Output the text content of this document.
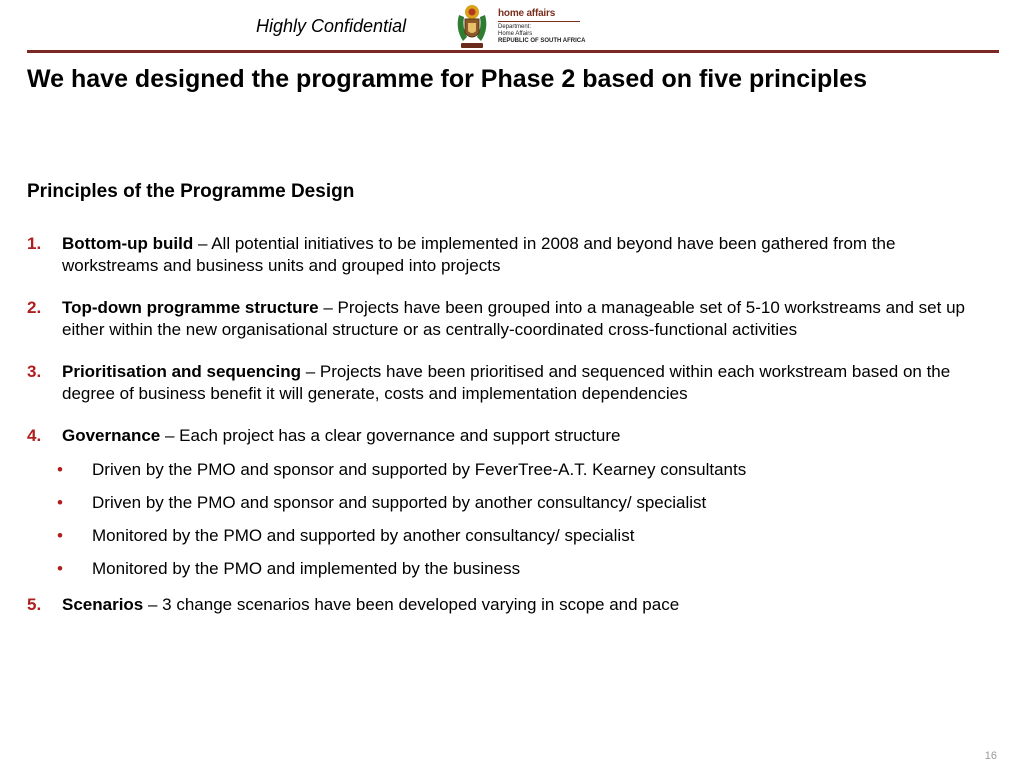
Highly Confidential
home affairs
Department:
Home Affairs
REPUBLIC OF SOUTH AFRICA
We have designed the programme for Phase 2 based on five principles
Principles of the Programme Design
1. Bottom-up build – All potential initiatives to be implemented in 2008 and beyond have been gathered from the workstreams and business units and grouped into projects
2. Top-down programme structure – Projects have been grouped into a manageable set of 5-10 workstreams and set up either within the new organisational structure or as centrally-coordinated cross-functional activities
3. Prioritisation and sequencing – Projects have been prioritised and sequenced within each workstream based on the degree of business benefit it will generate, costs and implementation dependencies
4. Governance – Each project has a clear governance and support structure
• Driven by the PMO and sponsor and supported by FeverTree-A.T. Kearney consultants
• Driven by the PMO and sponsor and supported by another consultancy/ specialist
• Monitored by the PMO and supported by another consultancy/ specialist
• Monitored by the PMO and implemented by the business
5. Scenarios – 3 change scenarios have been developed varying in scope and pace
16
